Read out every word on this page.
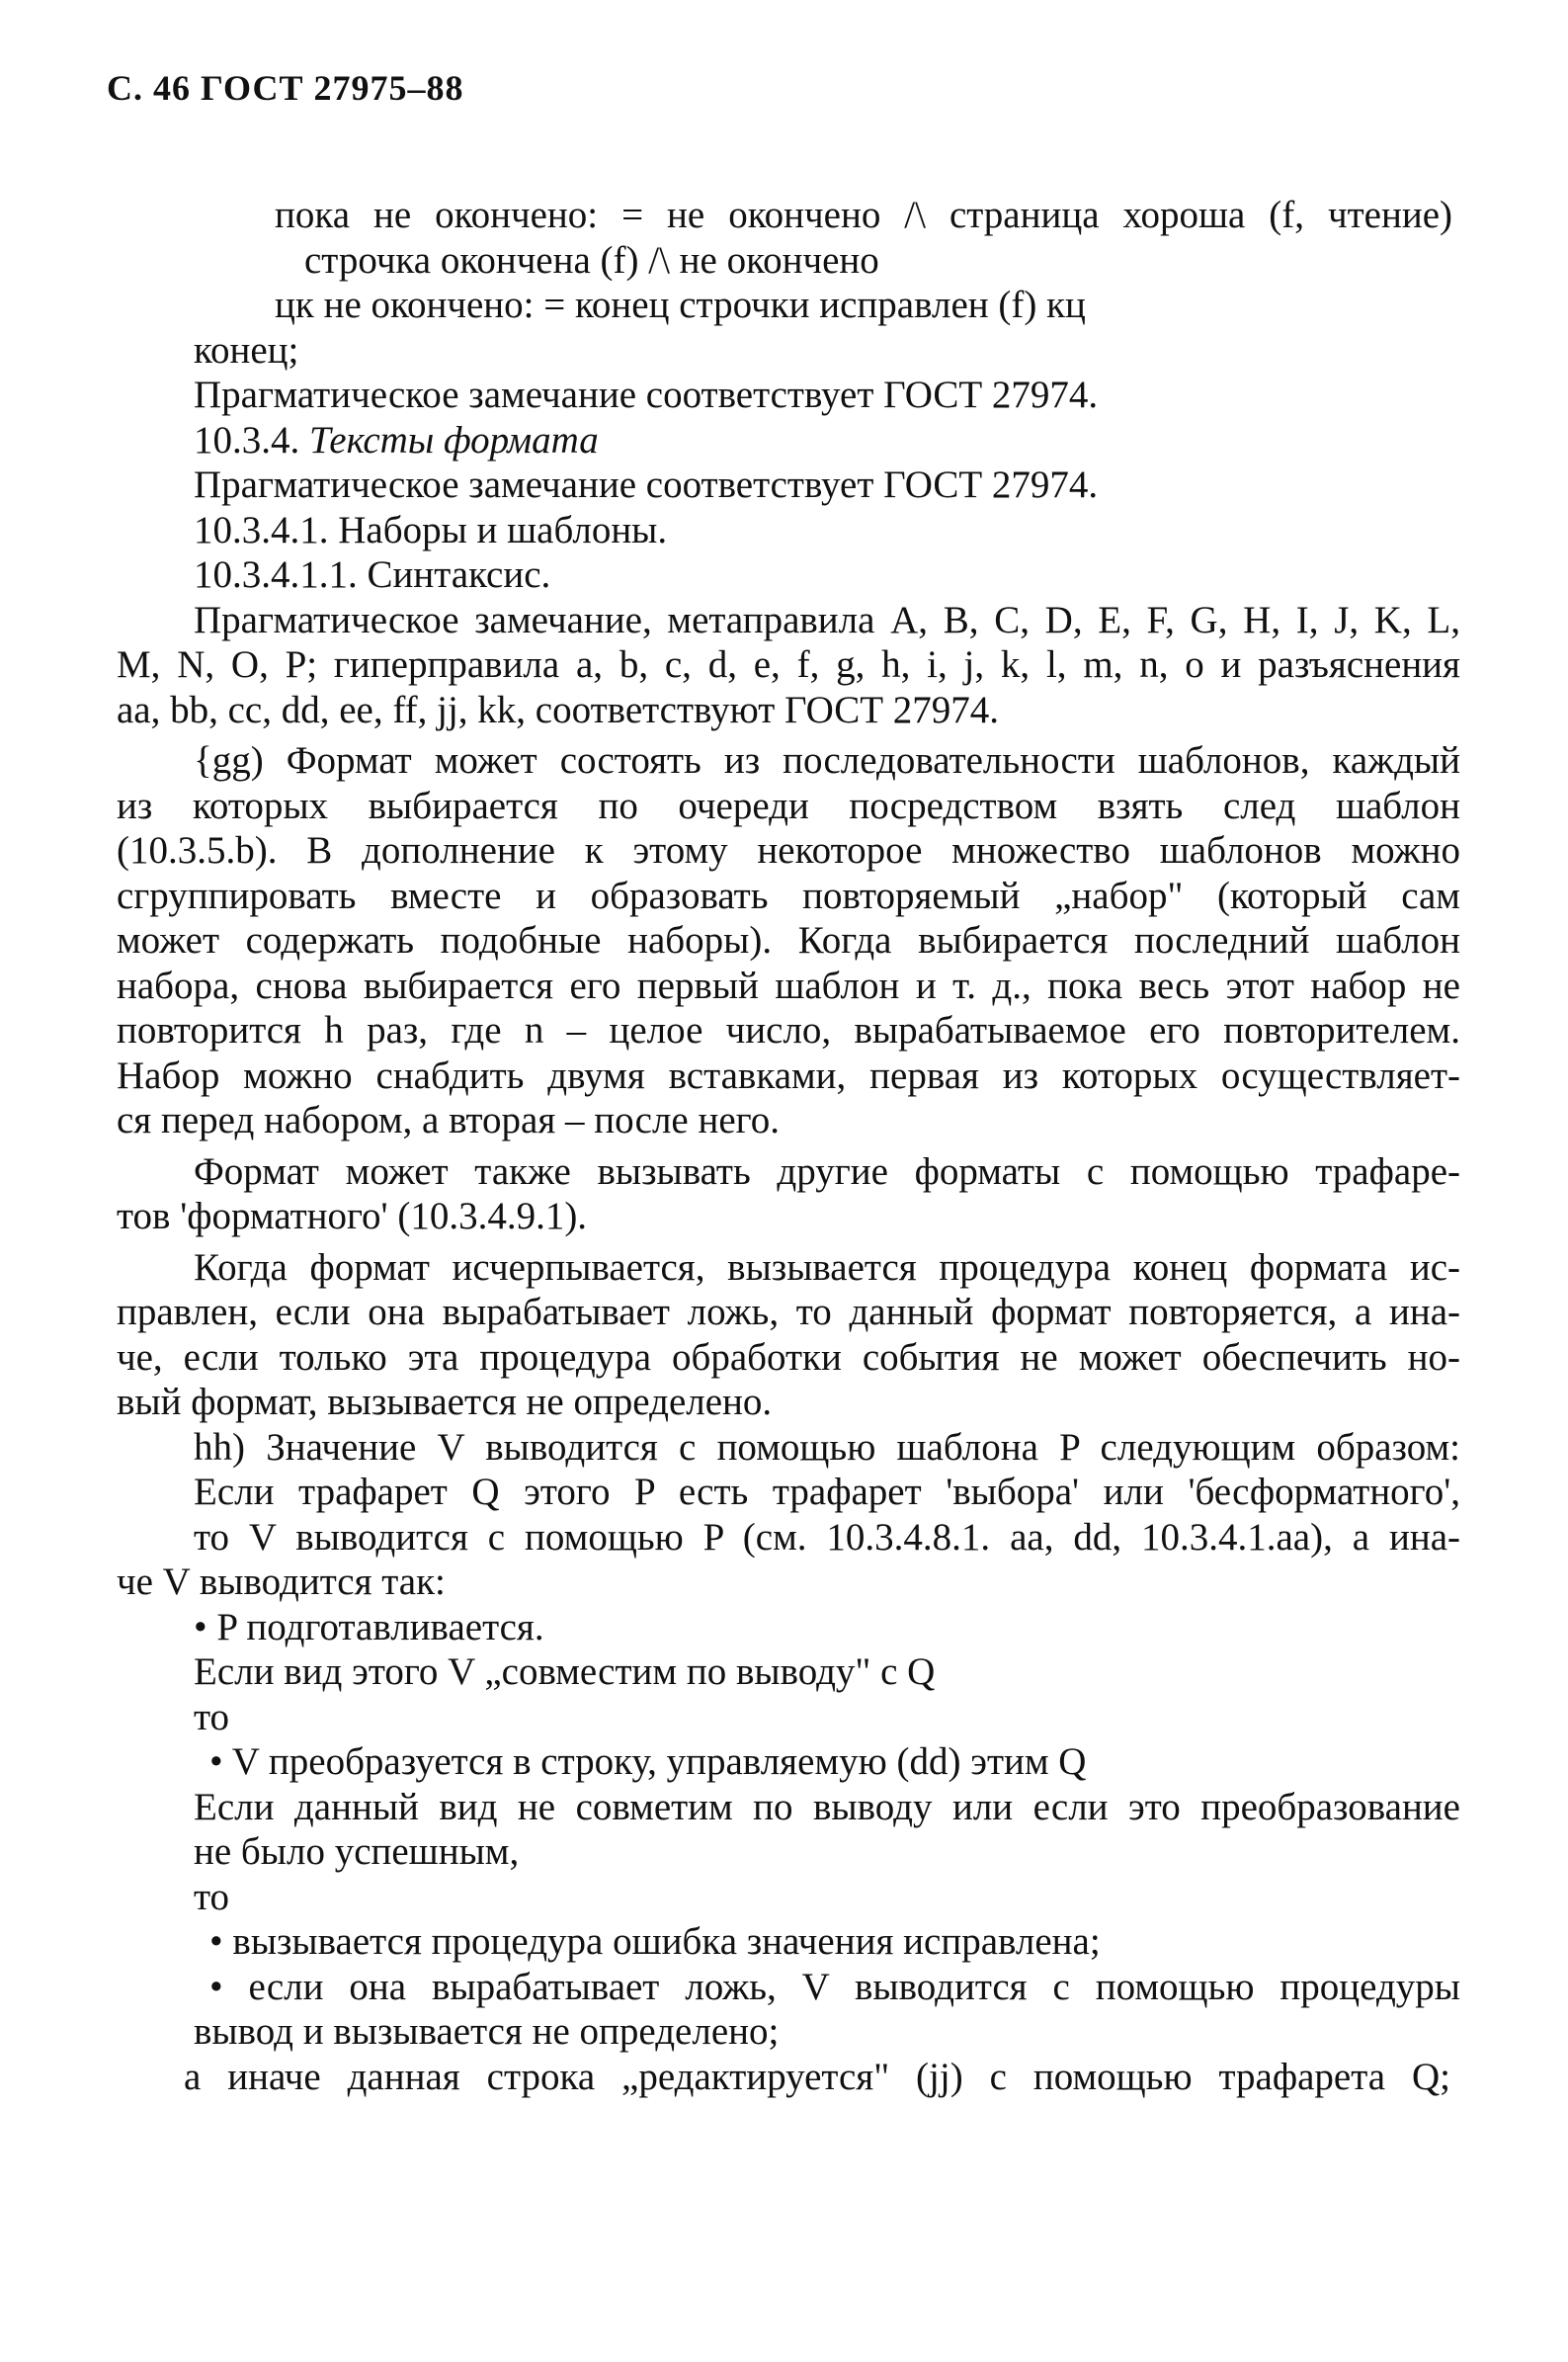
С. 46 ГОСТ 27975–88
пока не окончено: = не окончено /\ страница хороша (f, чтение)
строчка окончена (f) /\ не окончено
цк не окончено: = конец строчки исправлен (f) кц
конец;
Прагматическое замечание соответствует ГОСТ 27974.
10.3.4. Тексты формата
Прагматическое замечание соответствует ГОСТ 27974.
10.3.4.1. Наборы и шаблоны.
10.3.4.1.1. Синтаксис.
Прагматическое замечание, метаправила A, B, C, D, E, F, G, H, I, J, K, L,
M, N, O, P; гиперправила a, b, c, d, e, f, g, h, i, j, k, l, m, n, o и разъяснения
aa, bb, cc, dd, ee, ff, jj, kk, соответствуют ГОСТ 27974.
{gg) Формат может состоять из последовательности шаблонов, каждый
из которых выбирается по очереди посредством взять след шаблон
(10.3.5.b). В дополнение к этому некоторое множество шаблонов можно
сгруппировать вместе и образовать повторяемый „набор" (который сам
может содержать подобные наборы). Когда выбирается последний шаблон
набора, снова выбирается его первый шаблон и т. д., пока весь этот набор не
повторится h раз, где n – целое число, вырабатываемое его повторителем.
Набор можно снабдить двумя вставками, первая из которых осуществляет-
ся перед набором, а вторая – после него.
Формат может также вызывать другие форматы с помощью трафаре-
тов 'форматного' (10.3.4.9.1).
Когда формат исчерпывается, вызывается процедура конец формата ис-
правлен, если она вырабатывает ложь, то данный формат повторяется, а ина-
че, если только эта процедура обработки события не может обеспечить но-
вый формат, вызывается не определено.
hh) Значение V выводится с помощью шаблона P следующим образом:
Если трафарет Q этого P есть трафарет 'выбора' или 'бесформатного',
то V выводится с помощью P (см. 10.3.4.8.1. aa, dd, 10.3.4.1.aa), а ина-
че V выводится так:
• P подготавливается.
Если вид этого V „совместим по выводу" с Q
то
• V преобразуется в строку, управляемую (dd) этим Q
Если данный вид не совметим по выводу или если это преобразование
не было успешным,
то
• вызывается процедура ошибка значения исправлена;
• если она вырабатывает ложь, V выводится с помощью процедуры
вывод и вызывается не определено;
а иначе данная строка „редактируется" (jj) с помощью трафарета Q;
